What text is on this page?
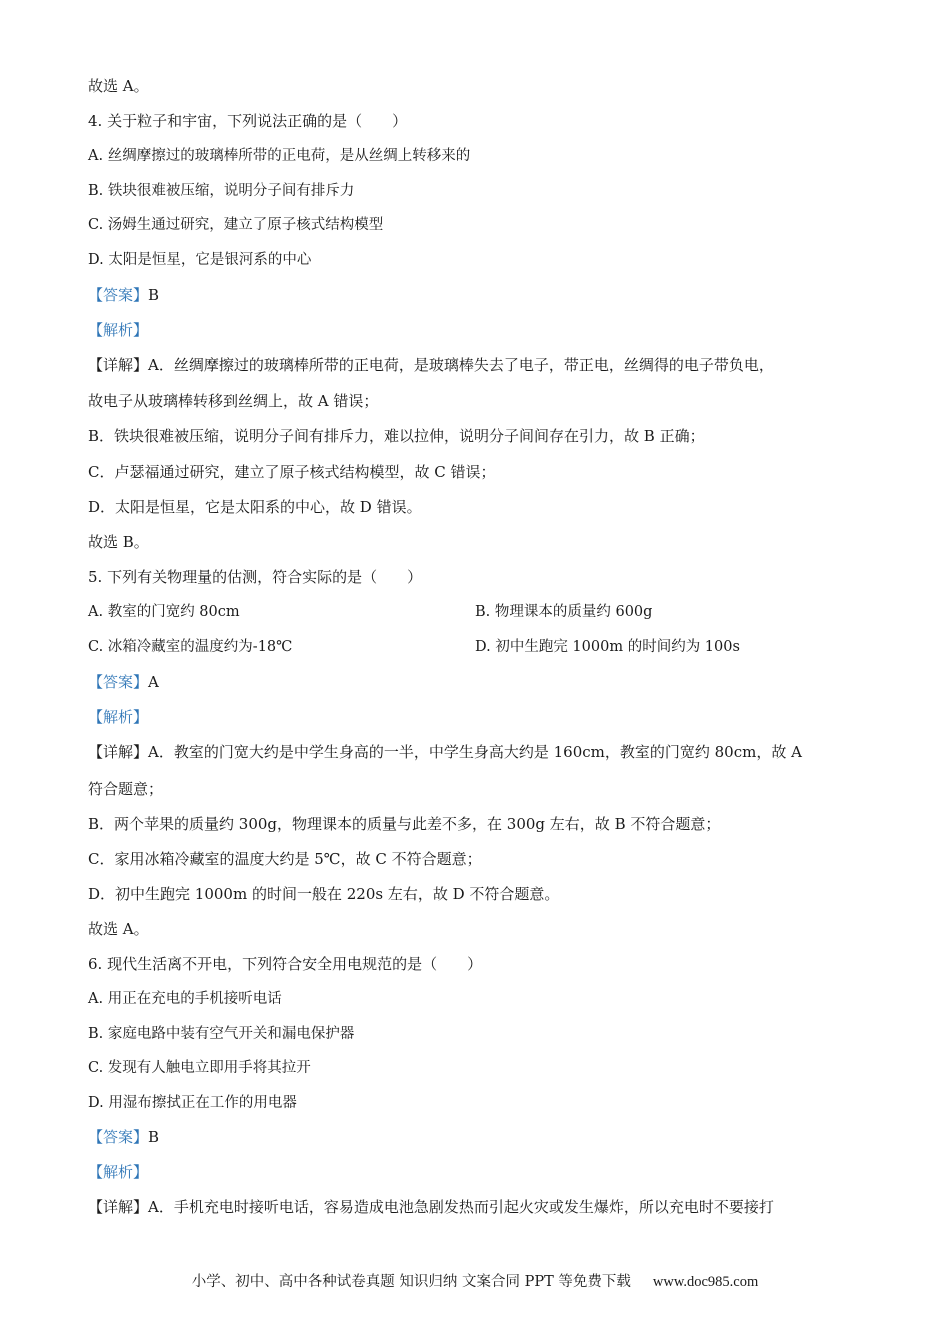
故选 A。
4. 关于粒子和宇宙，下列说法正确的是（　　）
A. 丝绸摩擦过的玻璃棒所带的正电荷，是从丝绸上转移来的
B. 铁块很难被压缩，说明分子间有排斥力
C. 汤姆生通过研究，建立了原子核式结构模型
D. 太阳是恒星，它是银河系的中心
【答案】B
【解析】
【详解】A．丝绸摩擦过的玻璃棒所带的正电荷，是玻璃棒失去了电子，带正电，丝绸得的电子带负电，
故电子从玻璃棒转移到丝绸上，故 A 错误；
B．铁块很难被压缩，说明分子间有排斥力，难以拉伸，说明分子间间存在引力，故 B 正确；
C．卢瑟福通过研究，建立了原子核式结构模型，故 C 错误；
D．太阳是恒星，它是太阳系的中心，故 D 错误。
故选 B。
5. 下列有关物理量的估测，符合实际的是（　　）
A. 教室的门宽约 80cm	B. 物理课本的质量约 600g
C. 冰箱冷藏室的温度约为-18℃	D. 初中生跑完 1000m 的时间约为 100s
【答案】A
【解析】
【详解】A．教室的门宽大约是中学生身高的一半，中学生身高大约是 160cm，教室的门宽约 80cm，故 A
符合题意；
B．两个苹果的质量约 300g，物理课本的质量与此差不多，在 300g 左右，故 B 不符合题意；
C．家用冰箱冷藏室的温度大约是 5℃，故 C 不符合题意；
D．初中生跑完 1000m 的时间一般在 220s 左右，故 D 不符合题意。
故选 A。
6. 现代生活离不开电，下列符合安全用电规范的是（　　）
A. 用正在充电的手机接听电话
B. 家庭电路中装有空气开关和漏电保护器
C. 发现有人触电立即用手将其拉开
D. 用湿布擦拭正在工作的用电器
【答案】B
【解析】
【详解】A．手机充电时接听电话，容易造成电池急剧发热而引起火灾或发生爆炸，所以充电时不要接打
小学、初中、高中各种试卷真题 知识归纳 文案合同 PPT 等免费下载 www.doc985.com
